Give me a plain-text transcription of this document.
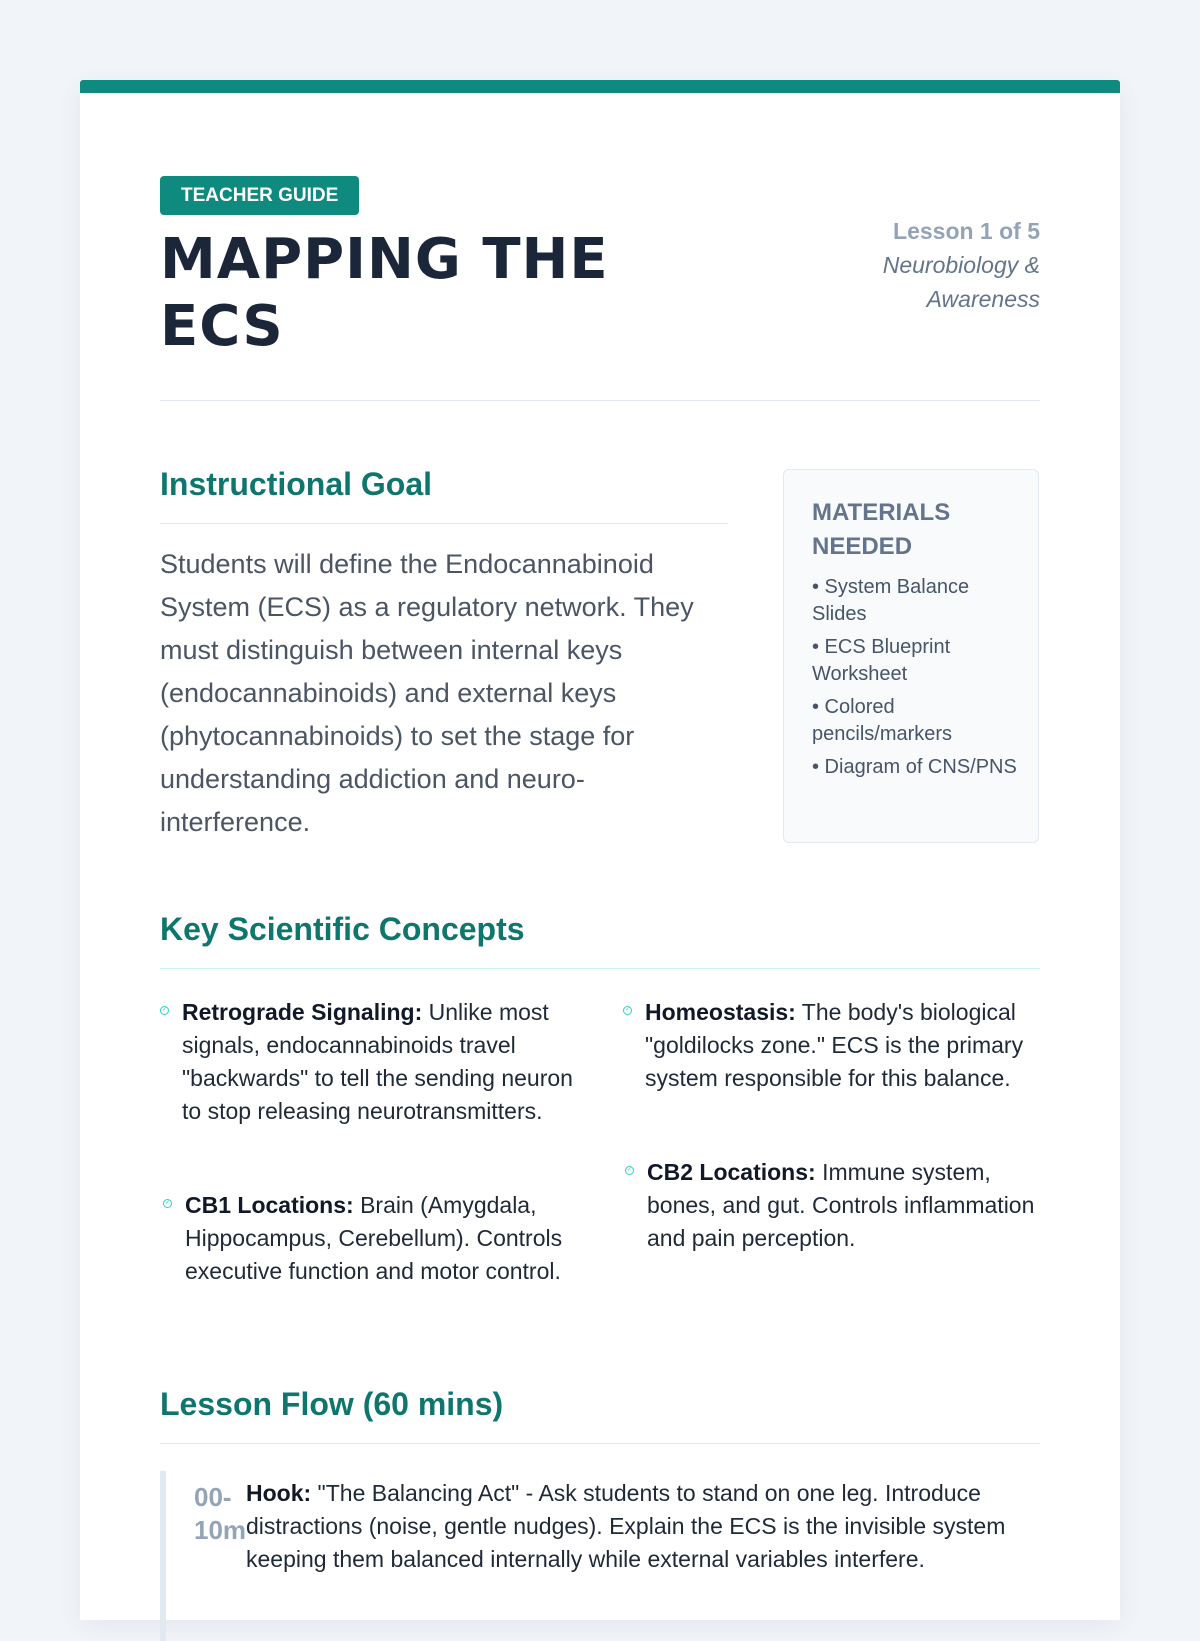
TEACHER GUIDE
MAPPING THE ECS
Lesson 1 of 5
Neurobiology & Awareness
Instructional Goal

Students will define the Endocannabinoid System (ECS) as a regulatory network. They must distinguish between internal keys (endocannabinoids) and external keys (phytocannabinoids) to set the stage for understanding addiction and neuro-interference.

MATERIALS NEEDED
• System Balance Slides
• ECS Blueprint Worksheet
• Colored pencils/markers
• Diagram of CNS/PNS
Key Scientific Concepts

✓ Retrograde Signaling: Unlike most signals, endocannabinoids travel "backwards" to tell the sending neuron to stop releasing neurotransmitters.

✓ CB1 Locations: Brain (Amygdala, Hippocampus, Cerebellum). Controls executive function and motor control.

✓ Homeostasis: The body's biological "goldilocks zone." ECS is the primary system responsible for this balance.

✓ CB2 Locations: Immune system, bones, and gut. Controls inflammation and pain perception.

Lesson Flow (60 mins)
00-10m

Hook: "The Balancing Act" - Ask students to stand on one leg. Introduce distractions (noise, gentle nudges). Explain the ECS is the invisible system keeping them balanced internally while external variables interfere.
